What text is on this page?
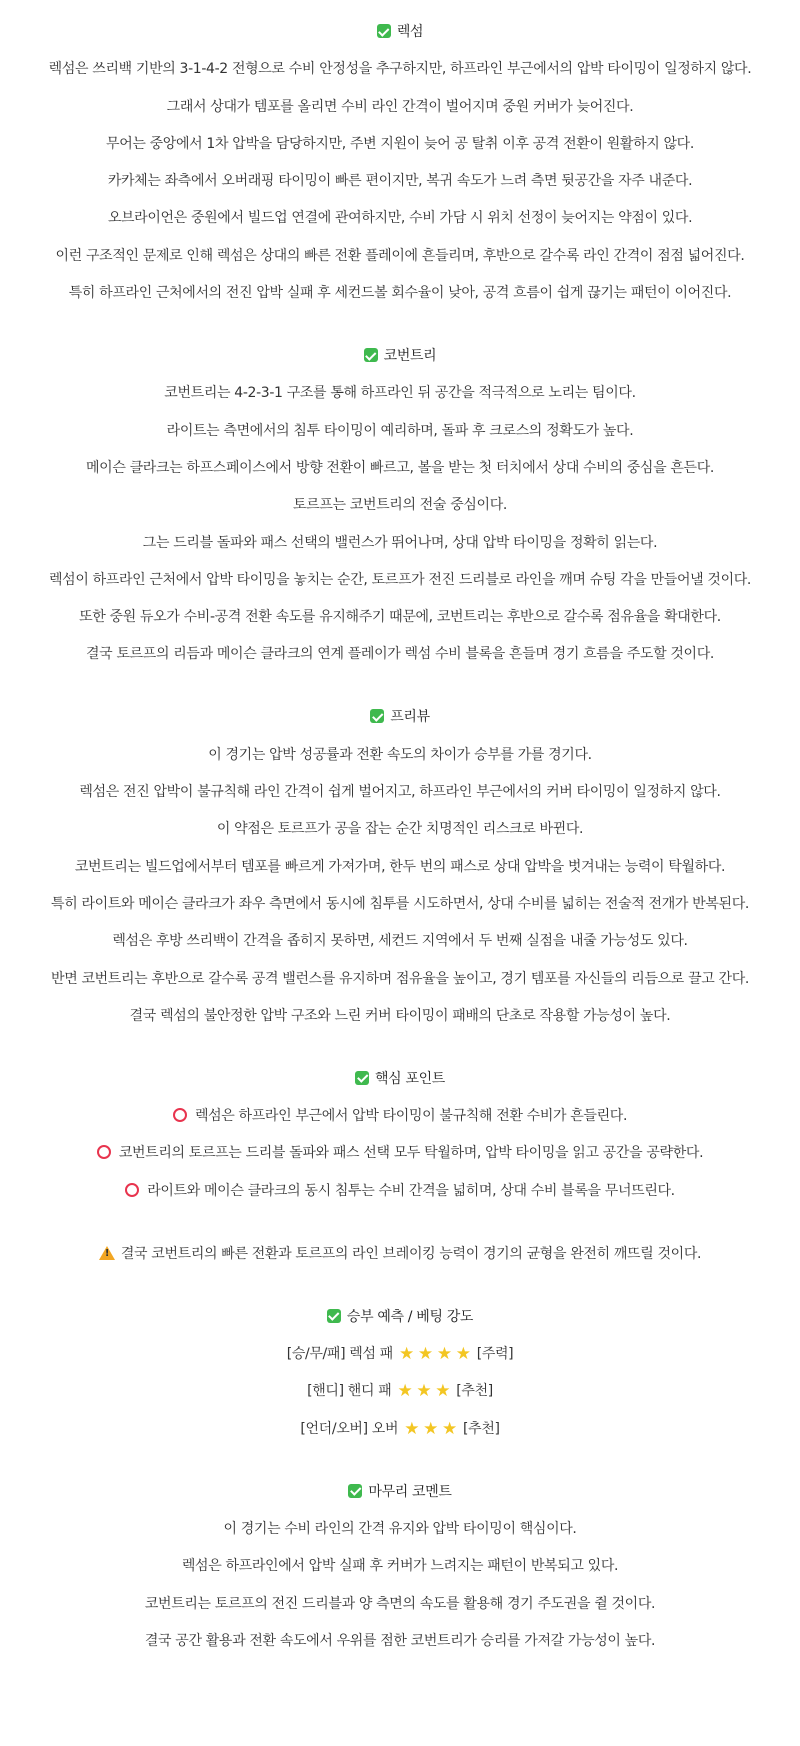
렉섬
렉섬은 쓰리백 기반의 3-1-4-2 전형으로 수비 안정성을 추구하지만, 하프라인 부근에서의 압박 타이밍이 일정하지 않다.
그래서 상대가 템포를 올리면 수비 라인 간격이 벌어지며 중원 커버가 늦어진다.
무어는 중앙에서 1차 압박을 담당하지만, 주변 지원이 늦어 공 탈취 이후 공격 전환이 원활하지 않다.
카카체는 좌측에서 오버래핑 타이밍이 빠른 편이지만, 복귀 속도가 느려 측면 뒷공간을 자주 내준다.
오브라이언은 중원에서 빌드업 연결에 관여하지만, 수비 가담 시 위치 선정이 늦어지는 약점이 있다.
이런 구조적인 문제로 인해 렉섬은 상대의 빠른 전환 플레이에 흔들리며, 후반으로 갈수록 라인 간격이 점점 넓어진다.
특히 하프라인 근처에서의 전진 압박 실패 후 세컨드볼 회수율이 낮아, 공격 흐름이 쉽게 끊기는 패턴이 이어진다.
코번트리
코번트리는 4-2-3-1 구조를 통해 하프라인 뒤 공간을 적극적으로 노리는 팀이다.
라이트는 측면에서의 침투 타이밍이 예리하며, 돌파 후 크로스의 정확도가 높다.
메이슨 클라크는 하프스페이스에서 방향 전환이 빠르고, 볼을 받는 첫 터치에서 상대 수비의 중심을 흔든다.
토르프는 코번트리의 전술 중심이다.
그는 드리블 돌파와 패스 선택의 밸런스가 뛰어나며, 상대 압박 타이밍을 정확히 읽는다.
렉섬이 하프라인 근처에서 압박 타이밍을 놓치는 순간, 토르프가 전진 드리블로 라인을 깨며 슈팅 각을 만들어낼 것이다.
또한 중원 듀오가 수비-공격 전환 속도를 유지해주기 때문에, 코번트리는 후반으로 갈수록 점유율을 확대한다.
결국 토르프의 리듬과 메이슨 클라크의 연계 플레이가 렉섬 수비 블록을 흔들며 경기 흐름을 주도할 것이다.
프리뷰
이 경기는 압박 성공률과 전환 속도의 차이가 승부를 가를 경기다.
렉섬은 전진 압박이 불규칙해 라인 간격이 쉽게 벌어지고, 하프라인 부근에서의 커버 타이밍이 일정하지 않다.
이 약점은 토르프가 공을 잡는 순간 치명적인 리스크로 바뀐다.
코번트리는 빌드업에서부터 템포를 빠르게 가져가며, 한두 번의 패스로 상대 압박을 벗겨내는 능력이 탁월하다.
특히 라이트와 메이슨 클라크가 좌우 측면에서 동시에 침투를 시도하면서, 상대 수비를 넓히는 전술적 전개가 반복된다.
렉섬은 후방 쓰리백이 간격을 좁히지 못하면, 세컨드 지역에서 두 번째 실점을 내줄 가능성도 있다.
반면 코번트리는 후반으로 갈수록 공격 밸런스를 유지하며 점유율을 높이고, 경기 템포를 자신들의 리듬으로 끌고 간다.
결국 렉섬의 불안정한 압박 구조와 느린 커버 타이밍이 패배의 단초로 작용할 가능성이 높다.
핵심 포인트
렉섬은 하프라인 부근에서 압박 타이밍이 불규칙해 전환 수비가 흔들린다.
코번트리의 토르프는 드리블 돌파와 패스 선택 모두 탁월하며, 압박 타이밍을 읽고 공간을 공략한다.
라이트와 메이슨 클라크의 동시 침투는 수비 간격을 넓히며, 상대 수비 블록을 무너뜨린다.
!결국 코번트리의 빠른 전환과 토르프의 라인 브레이킹 능력이 경기의 균형을 완전히 깨뜨릴 것이다.
승부 예측 / 베팅 강도
[승/무/패] 렉섬 패 ★ ★ ★ ★ [주력]
[핸디] 핸디 패 ★ ★ ★ [추천]
[언더/오버] 오버 ★ ★ ★ [추천]
마무리 코멘트
이 경기는 수비 라인의 간격 유지와 압박 타이밍이 핵심이다.
렉섬은 하프라인에서 압박 실패 후 커버가 느려지는 패턴이 반복되고 있다.
코번트리는 토르프의 전진 드리블과 양 측면의 속도를 활용해 경기 주도권을 쥘 것이다.
결국 공간 활용과 전환 속도에서 우위를 점한 코번트리가 승리를 가져갈 가능성이 높다.
